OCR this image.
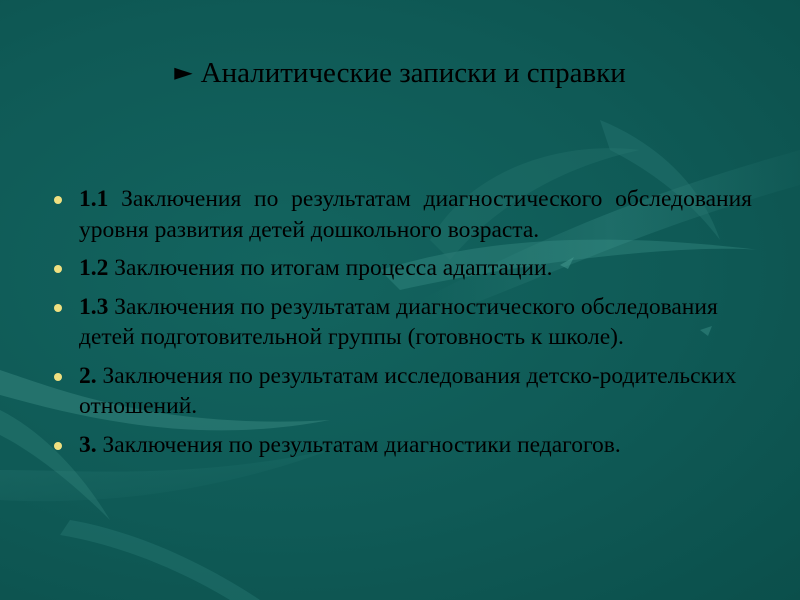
► Аналитические записки и справки
1.1 Заключения по результатам диагностического обследования уровня развития детей дошкольного возраста.
1.2 Заключения по итогам процесса адаптации.
1.3 Заключения по результатам диагностического обследования детей подготовительной группы (готовность к школе).
2. Заключения по результатам исследования детско-родительских отношений.
3. Заключения по результатам диагностики педагогов.
